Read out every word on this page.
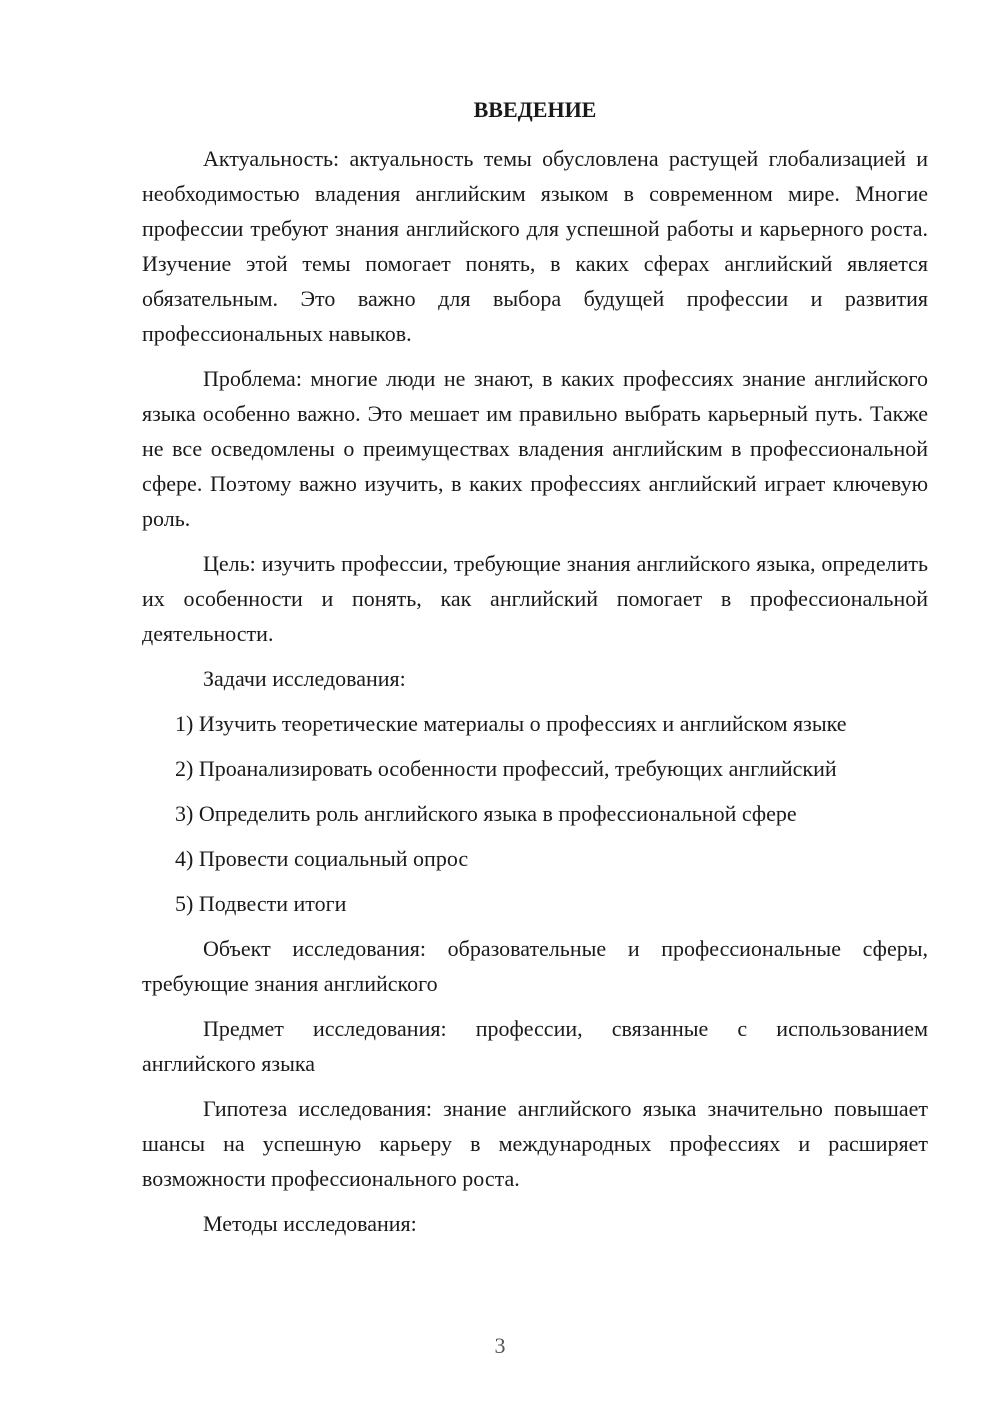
ВВЕДЕНИЕ

Актуальность: актуальность темы обусловлена растущей глобализацией и необходимостью владения английским языком в современном мире. Многие профессии требуют знания английского для успешной работы и карьерного роста. Изучение этой темы помогает понять, в каких сферах английский является обязательным. Это важно для выбора будущей профессии и развития профессиональных навыков.

Проблема: многие люди не знают, в каких профессиях знание английского языка особенно важно. Это мешает им правильно выбрать карьерный путь. Также не все осведомлены о преимуществах владения английским в профессиональной сфере. Поэтому важно изучить, в каких профессиях английский играет ключевую роль.

Цель: изучить профессии, требующие знания английского языка, определить их особенности и понять, как английский помогает в профессиональной деятельности.

Задачи исследования:

1) Изучить теоретические материалы о профессиях и английском языке

2) Проанализировать особенности профессий, требующих английский

3) Определить роль английского языка в профессиональной сфере

4) Провести социальный опрос

5) Подвести итоги

Объект исследования: образовательные и профессиональные сферы, требующие знания английского

Предмет исследования: профессии, связанные с использованием английского языка

Гипотеза исследования: знание английского языка значительно повышает шансы на успешную карьеру в международных профессиях и расширяет возможности профессионального роста.

Методы исследования:

3
